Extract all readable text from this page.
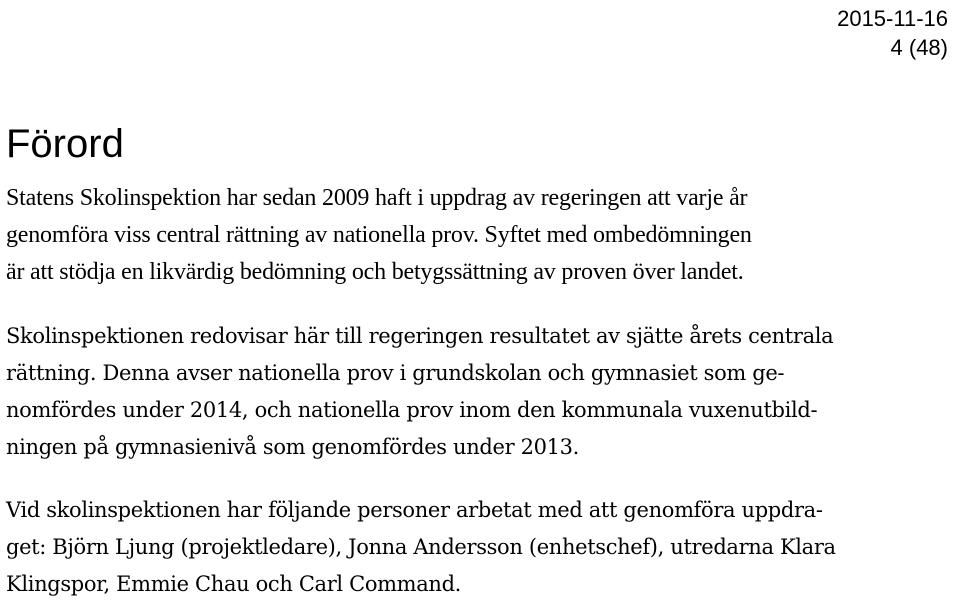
2015-11-16
4 (48)
Förord

Statens Skolinspektion har sedan 2009 haft i uppdrag av regeringen att varje år
genomföra viss central rättning av nationella prov. Syftet med ombedömningen
är att stödja en likvärdig bedömning och betygssättning av proven över landet.

Skolinspektionen redovisar här till regeringen resultatet av sjätte årets centrala
rättning. Denna avser nationella prov i grundskolan och gymnasiet som ge-
nomfördes under 2014, och nationella prov inom den kommunala vuxenutbild-
ningen på gymnasienivå som genomfördes under 2013.

Vid skolinspektionen har följande personer arbetat med att genomföra uppdra-
get: Björn Ljung (projektledare), Jonna Andersson (enhetschef), utredarna Klara
Klingspor, Emmie Chau och Carl Command.
